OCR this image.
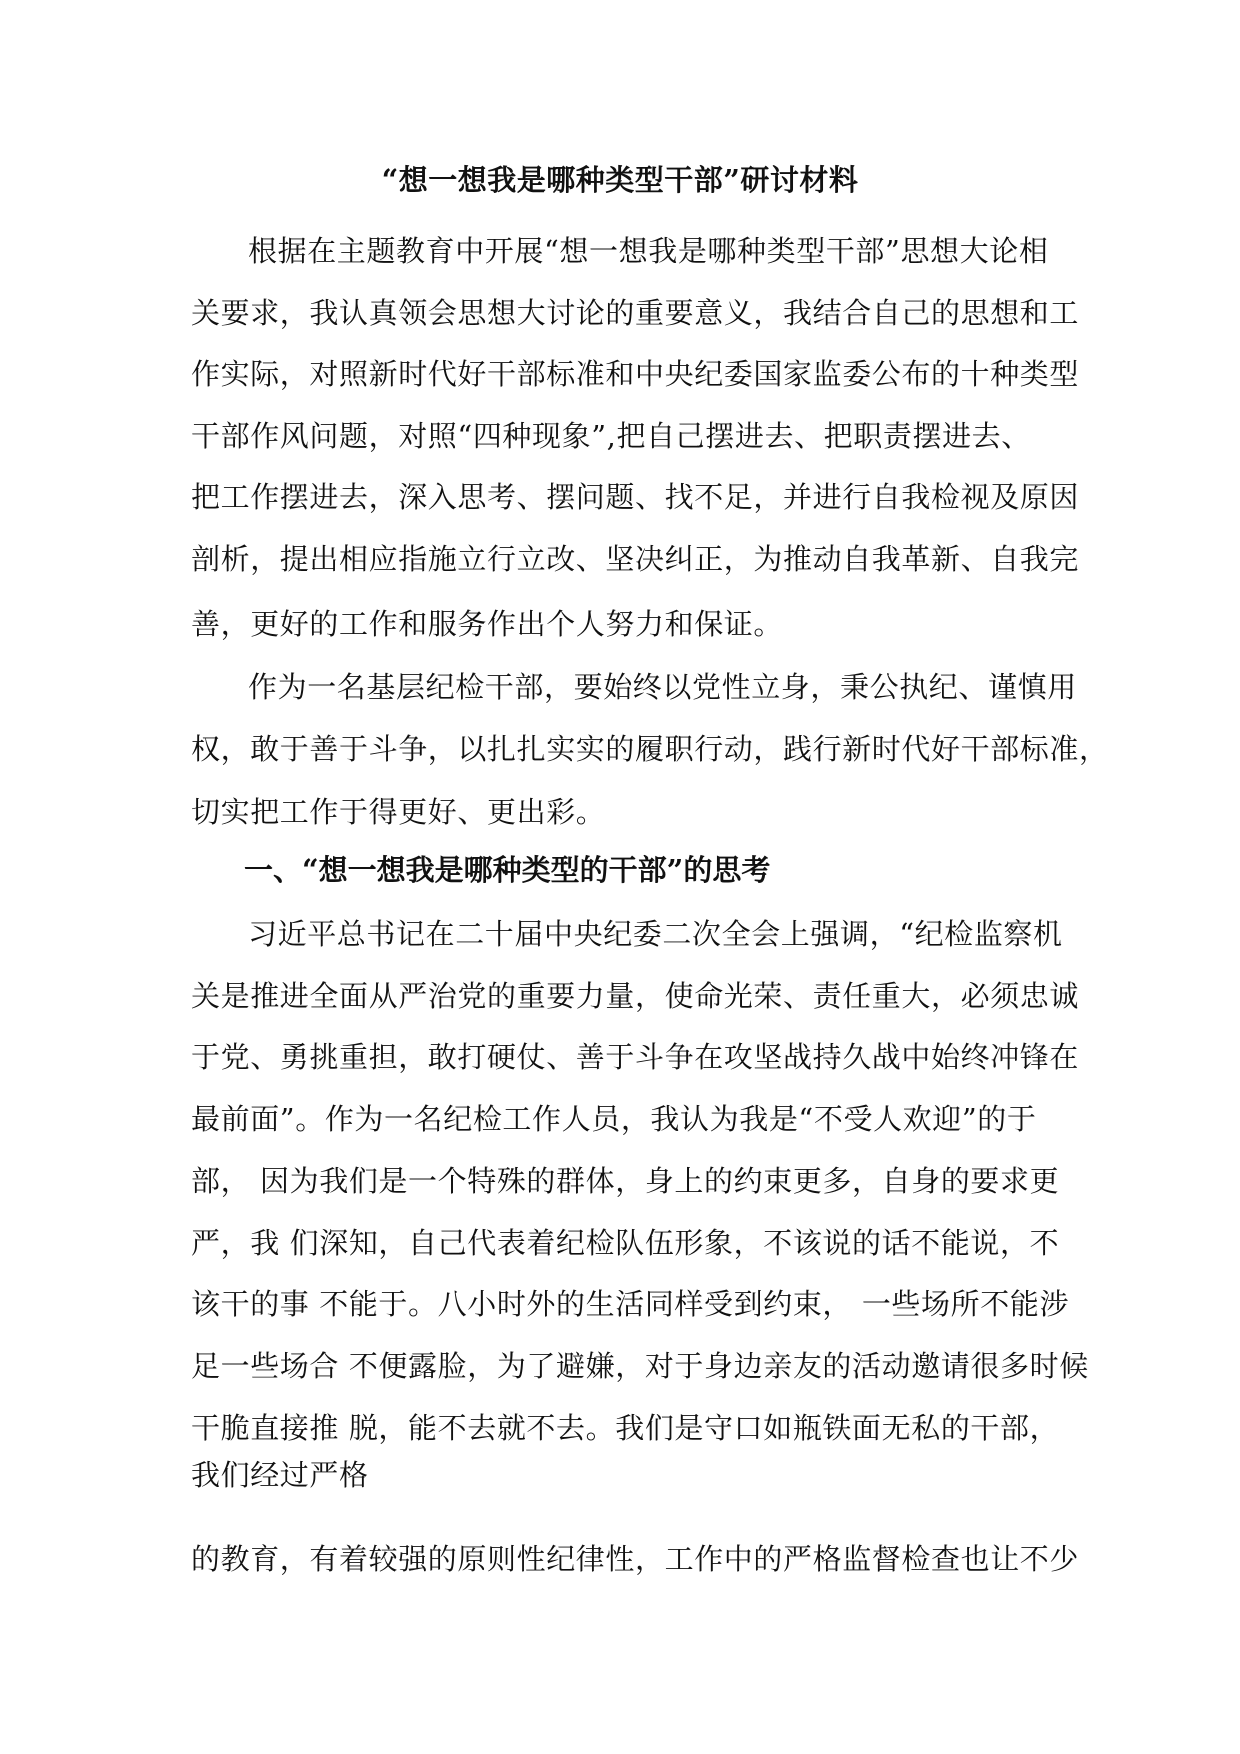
“想一想我是哪种类型干部”研讨材料
根据在主题教育中开展“想一想我是哪种类型干部”思想大论相
关要求，我认真领会思想大讨论的重要意义，我结合自己的思想和工
作实际，对照新时代好干部标准和中央纪委国家监委公布的十种类型
干部作风问题，对照“四种现象”,把自己摆进去、把职责摆进去、
把工作摆进去，深入思考、摆问题、找不足，并进行自我检视及原因
剖析，提出相应指施立行立改、坚决纠正，为推动自我革新、自我完
善，更好的工作和服务作出个人努力和保证。
作为一名基层纪检干部，要始终以党性立身，秉公执纪、谨慎用
权，敢于善于斗争，以扎扎实实的履职行动，践行新时代好干部标准，
切实把工作于得更好、更出彩。
一、“想一想我是哪种类型的干部”的思考
习近平总书记在二十届中央纪委二次全会上强调，“纪检监察机
关是推进全面从严治党的重要力量，使命光荣、责任重大，必须忠诚
于党、勇挑重担，敢打硬仗、善于斗争在攻坚战持久战中始终冲锋在
最前面”。作为一名纪检工作人员，我认为我是“不受人欢迎”的于
部， 因为我们是一个特殊的群体，身上的约束更多，自身的要求更
严，我 们深知，自己代表着纪检队伍形象，不该说的话不能说，不
该干的事 不能于。八小时外的生活同样受到约束， 一些场所不能涉
足一些场合 不便露脸，为了避嫌，对于身边亲友的活动邀请很多时候
干脆直接推 脱，能不去就不去。我们是守口如瓶铁面无私的干部，
我们经过严格
的教育，有着较强的原则性纪律性，工作中的严格监督检查也让不少
